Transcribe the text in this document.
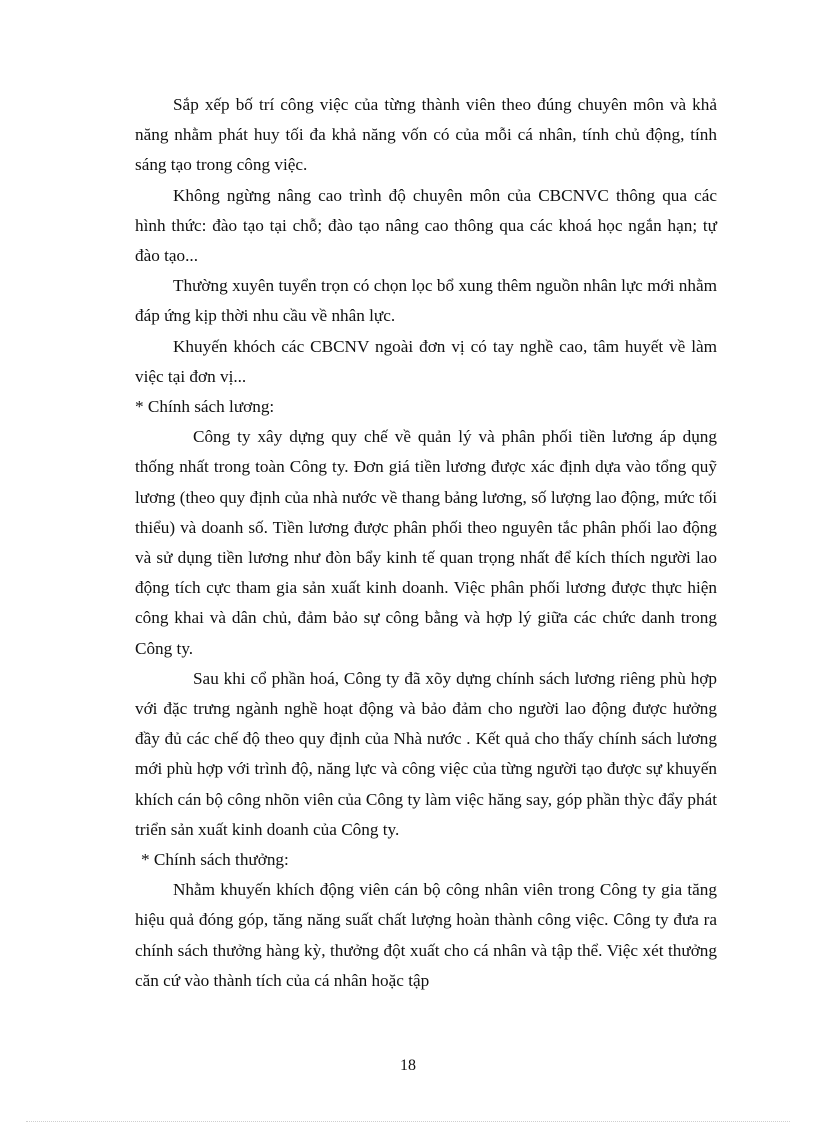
Sắp xếp bố trí công việc của từng thành viên theo đúng chuyên môn và khả năng nhằm phát huy tối đa khả năng vốn có của mỗi cá nhân, tính chủ động, tính sáng tạo trong công việc.

Không ngừng nâng cao trình độ chuyên môn của CBCNVC thông qua các hình thức: đào tạo tại chỗ; đào tạo nâng cao thông qua các khoá học ngắn hạn; tự đào tạo...

Thường xuyên tuyển trọn có chọn lọc bổ xung thêm nguồn nhân lực mới nhằm đáp ứng kịp thời nhu cầu về nhân lực.

Khuyến khóch các CBCNV ngoài đơn vị có tay nghề cao, tâm huyết về làm việc tại đơn vị...

* Chính sách lương:

Công ty xây dựng quy chế về quản lý và phân phối tiền lương áp dụng thống nhất trong toàn Công ty. Đơn giá tiền lương được xác định dựa vào tổng quỹ lương (theo quy định của nhà nước về thang bảng lương, số lượng lao động, mức tối thiểu) và doanh số. Tiền lương được phân phối theo nguyên tắc phân phối lao động và sử dụng tiền lương như đòn bẩy kinh tế quan trọng nhất để kích thích người lao động tích cực tham gia sản xuất kinh doanh. Việc phân phối lương được thực hiện công khai và dân chủ, đảm bảo sự công bằng và hợp lý giữa các chức danh trong Công ty.

Sau khi cổ phần hoá, Công ty đã xõy dựng chính sách lương riêng phù hợp với đặc trưng ngành nghề hoạt động và bảo đảm cho người lao động được hưởng đầy đủ các chế độ theo quy định của Nhà nước . Kết quả cho thấy chính sách lương mới phù hợp với trình độ, năng lực và công việc của từng người tạo được sự khuyến khích cán bộ công nhõn viên của Công ty làm việc hăng say, góp phần thỳc đẩy phát triển sản xuất kinh doanh của Công ty.

* Chính sách thưởng:

Nhằm khuyến khích động viên cán bộ công nhân viên trong Công ty gia tăng hiệu quả đóng góp, tăng năng suất chất lượng hoàn thành công việc. Công ty đưa ra chính sách thưởng hàng kỳ, thưởng đột xuất cho cá nhân và tập thể. Việc xét thưởng căn cứ vào thành tích của cá nhân hoặc tập

18
